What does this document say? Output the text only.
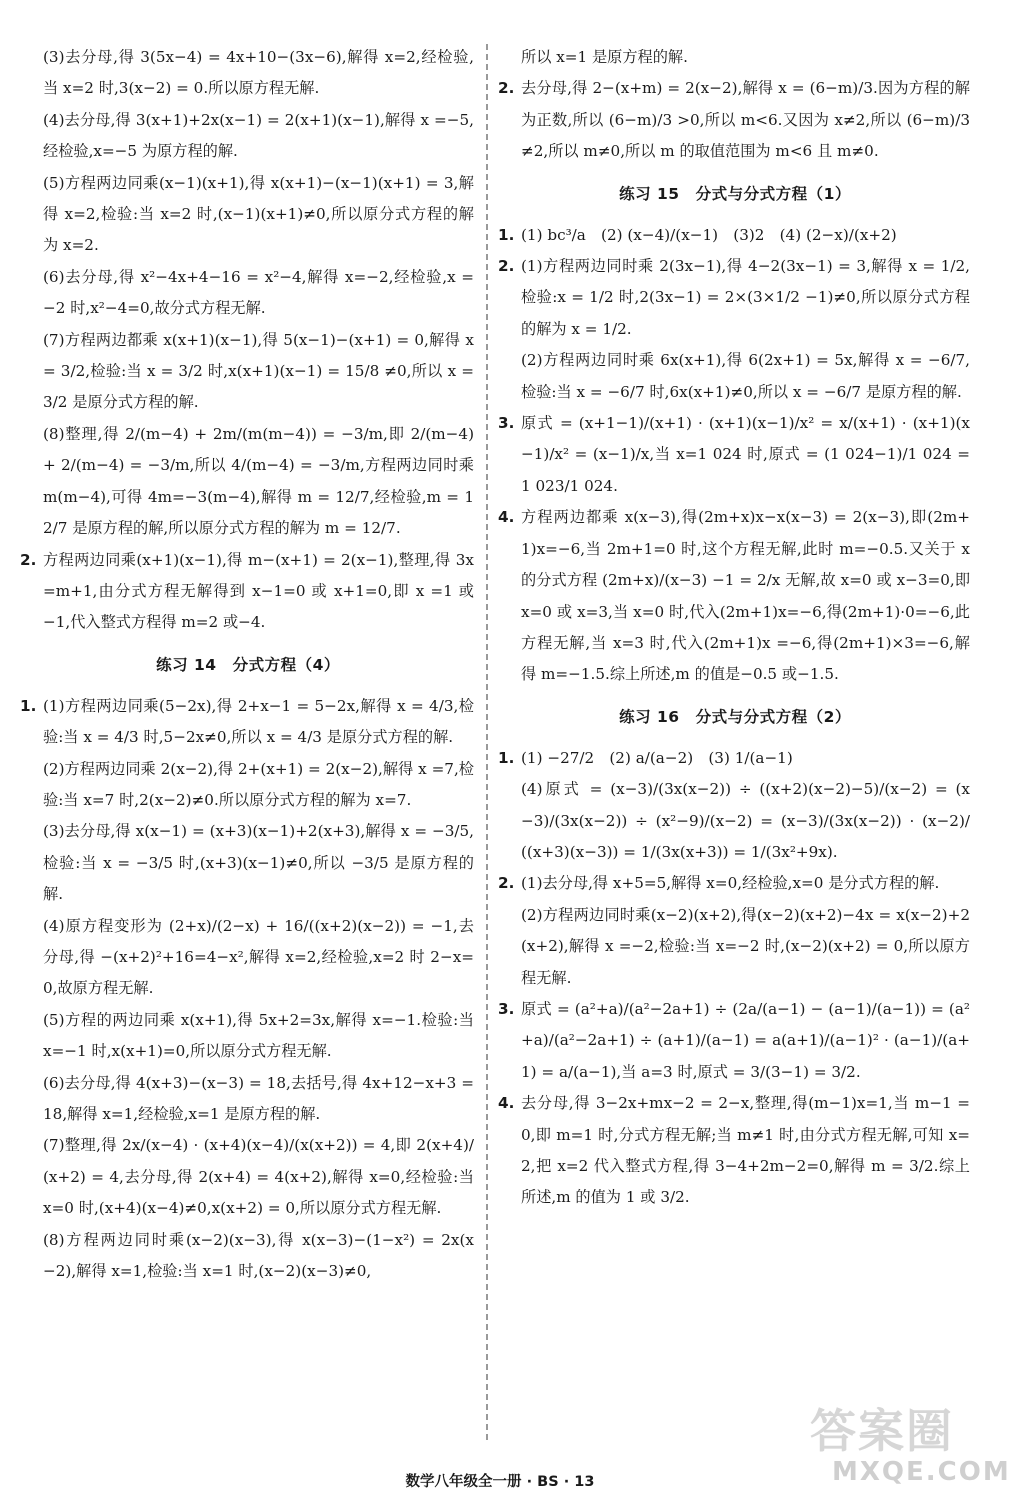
(3)去分母,得 3(5x−4) = 4x+10−(3x−6),解得 x=2,经检验,当 x=2 时,3(x−2) = 0.所以原方程无解.
(4)去分母,得 3(x+1)+2x(x−1) = 2(x+1)(x−1),解得 x =−5,经检验,x=−5 为原方程的解.
(5)方程两边同乘(x−1)(x+1),得 x(x+1)−(x−1)(x+1) = 3,解得 x=2,检验:当 x=2 时,(x−1)(x+1)≠0,所以原分式方程的解为 x=2.
(6)去分母,得 x²−4x+4−16 = x²−4,解得 x=−2,经检验,x =−2 时,x²−4=0,故分式方程无解.
(7)方程两边都乘 x(x+1)(x−1),得 5(x−1)−(x+1) = 0,解得 x = 3/2,检验:当 x = 3/2 时,x(x+1)(x−1) = 15/8 ≠0,所以 x = 3/2 是原分式方程的解.
(8)整理,得 2/(m−4) + 2m/(m(m−4)) = −3/m,即 2/(m−4) + 2/(m−4) = −3/m,所以 4/(m−4) = −3/m,方程两边同时乘 m(m−4),可得 4m=−3(m−4),解得 m = 12/7,经检验,m = 12/7 是原方程的解,所以原分式方程的解为 m = 12/7.
2. 方程两边同乘(x+1)(x−1),得 m−(x+1) = 2(x−1),整理,得 3x=m+1,由分式方程无解得到 x−1=0 或 x+1=0,即 x =1 或−1,代入整式方程得 m=2 或−4.
练习 14　分式方程（4）
1. (1)方程两边同乘(5−2x),得 2+x−1 = 5−2x,解得 x = 4/3,检验:当 x = 4/3 时,5−2x≠0,所以 x = 4/3 是原分式方程的解.
(2)方程两边同乘 2(x−2),得 2+(x+1) = 2(x−2),解得 x =7,检验:当 x=7 时,2(x−2)≠0.所以原分式方程的解为 x=7.
(3)去分母,得 x(x−1) = (x+3)(x−1)+2(x+3),解得 x = −3/5,检验:当 x = −3/5 时,(x+3)(x−1)≠0,所以 −3/5 是原方程的解.
(4)原方程变形为 (2+x)/(2−x) + 16/((x+2)(x−2)) = −1,去分母,得 −(x+2)²+16=4−x²,解得 x=2,经检验,x=2 时 2−x=0,故原方程无解.
(5)方程的两边同乘 x(x+1),得 5x+2=3x,解得 x=−1.检验:当 x=−1 时,x(x+1)=0,所以原分式方程无解.
(6)去分母,得 4(x+3)−(x−3) = 18,去括号,得 4x+12−x+3 = 18,解得 x=1,经检验,x=1 是原方程的解.
(7)整理,得 2x/(x−4) · (x+4)(x−4)/(x(x+2)) = 4,即 2(x+4)/(x+2) = 4,去分母,得 2(x+4) = 4(x+2),解得 x=0,经检验:当 x=0 时,(x+4)(x−4)≠0,x(x+2) = 0,所以原分式方程无解.
(8)方程两边同时乘(x−2)(x−3),得 x(x−3)−(1−x²) = 2x(x−2),解得 x=1,检验:当 x=1 时,(x−2)(x−3)≠0,
所以 x=1 是原方程的解.
2. 去分母,得 2−(x+m) = 2(x−2),解得 x = (6−m)/3.因为方程的解为正数,所以 (6−m)/3 >0,所以 m<6.又因为 x≠2,所以 (6−m)/3 ≠2,所以 m≠0,所以 m 的取值范围为 m<6 且 m≠0.
练习 15　分式与分式方程（1）
1. (1) bc³/a　(2) (x−4)/(x−1)　(3)2　(4) (2−x)/(x+2)
2. (1)方程两边同时乘 2(3x−1),得 4−2(3x−1) = 3,解得 x = 1/2,检验:x = 1/2 时,2(3x−1) = 2×(3×1/2 −1)≠0,所以原分式方程的解为 x = 1/2.
(2)方程两边同时乘 6x(x+1),得 6(2x+1) = 5x,解得 x = −6/7,检验:当 x = −6/7 时,6x(x+1)≠0,所以 x = −6/7 是原方程的解.
3. 原式 = (x+1−1)/(x+1) · (x+1)(x−1)/x² = x/(x+1) · (x+1)(x−1)/x² = (x−1)/x,当 x=1 024 时,原式 = (1 024−1)/1 024 = 1 023/1 024.
4. 方程两边都乘 x(x−3),得(2m+x)x−x(x−3) = 2(x−3),即(2m+1)x=−6,当 2m+1=0 时,这个方程无解,此时 m=−0.5.又关于 x 的分式方程 (2m+x)/(x−3) −1 = 2/x 无解,故 x=0 或 x−3=0,即 x=0 或 x=3,当 x=0 时,代入(2m+1)x=−6,得(2m+1)·0=−6,此方程无解,当 x=3 时,代入(2m+1)x =−6,得(2m+1)×3=−6,解得 m=−1.5.综上所述,m 的值是−0.5 或−1.5.
练习 16　分式与分式方程（2）
1. (1) −27/2　(2) a/(a−2)　(3) 1/(a−1)
(4)原式 = (x−3)/(3x(x−2)) ÷ ((x+2)(x−2)−5)/(x−2) = (x−3)/(3x(x−2)) ÷ (x²−9)/(x−2) = (x−3)/(3x(x−2)) · (x−2)/((x+3)(x−3)) = 1/(3x(x+3)) = 1/(3x²+9x).
2. (1)去分母,得 x+5=5,解得 x=0,经检验,x=0 是分式方程的解.
(2)方程两边同时乘(x−2)(x+2),得(x−2)(x+2)−4x = x(x−2)+2(x+2),解得 x =−2,检验:当 x=−2 时,(x−2)(x+2) = 0,所以原方程无解.
3. 原式 = (a²+a)/(a²−2a+1) ÷ (2a/(a−1) − (a−1)/(a−1)) = (a²+a)/(a²−2a+1) ÷ (a+1)/(a−1) = a(a+1)/(a−1)² · (a−1)/(a+1) = a/(a−1),当 a=3 时,原式 = 3/(3−1) = 3/2.
4. 去分母,得 3−2x+mx−2 = 2−x,整理,得(m−1)x=1,当 m−1 =0,即 m=1 时,分式方程无解;当 m≠1 时,由分式方程无解,可知 x=2,把 x=2 代入整式方程,得 3−4+2m−2=0,解得 m = 3/2.综上所述,m 的值为 1 或 3/2.
数学八年级全一册 · BS · 13
答案圈
MXQE.COM
